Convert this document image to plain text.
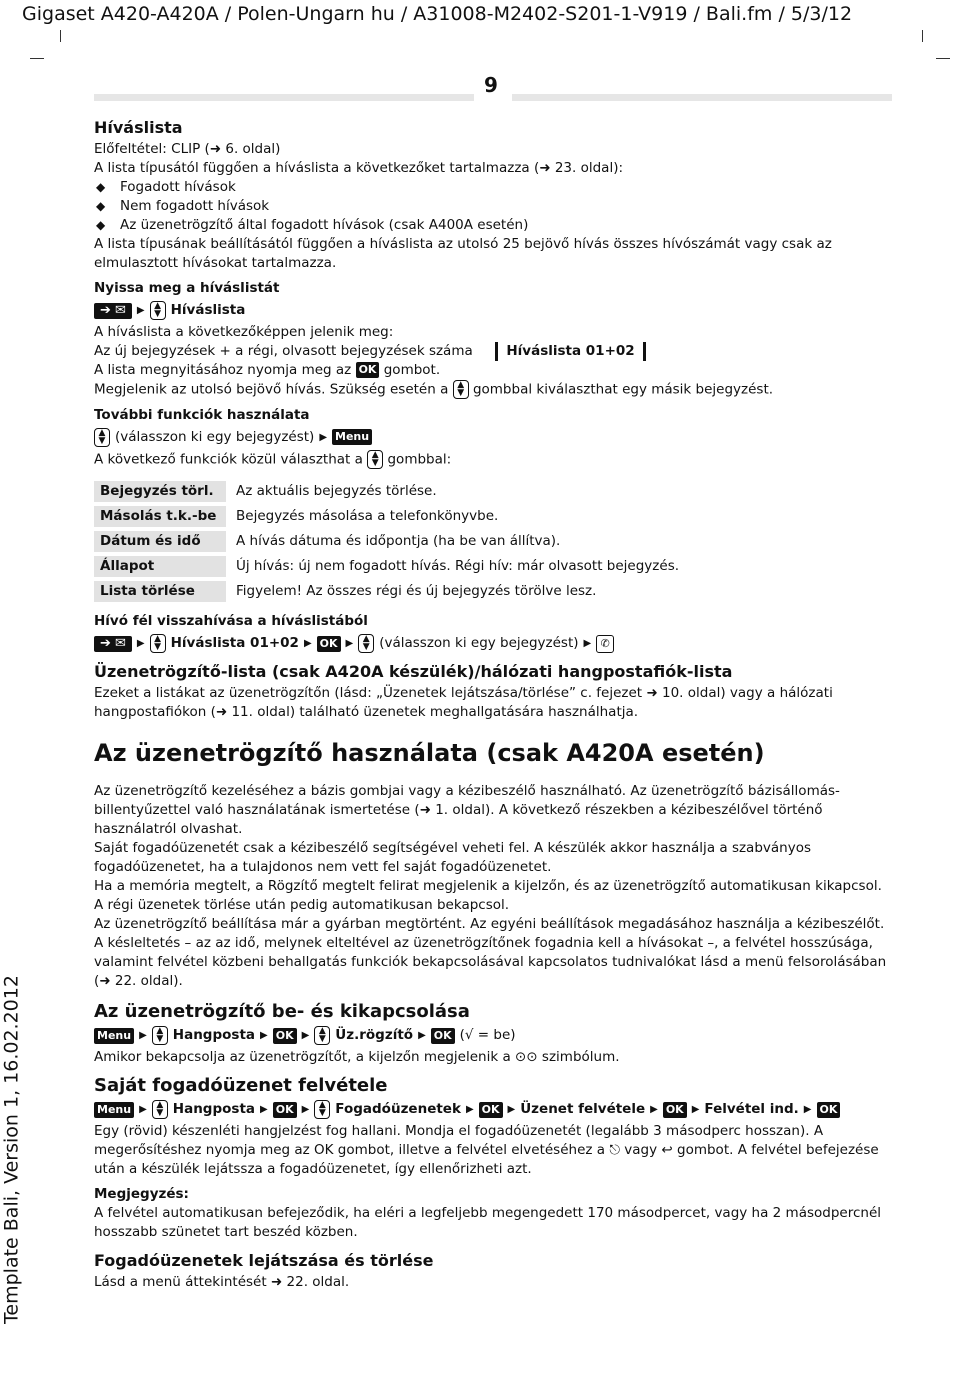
Gigaset A420-A420A / Polen-Ungarn hu / A31008-M2402-S201-1-V919 / Bali.fm / 5/3/12
9
Template Bali, Version 1, 16.02.2012
Híváslista

Előfeltétel: CLIP (➜ 6. oldal)

A lista típusától függően a híváslista a következőket tartalmazza (➜ 23. oldal):

◆ Fogadott hívások
◆ Nem fogadott hívások
◆ Az üzenetrögzítő által fogadott hívások (csak A400A esetén)

A lista típusának beállításától függően a híváslista az utolsó 25 bejövő hívás összes hívószámát vagy csak az elmulasztott hívásokat tartalmazza.

Nyissa meg a híváslistát

➔ ✉	▶	▲
▼ Híváslista

A híváslista a következőképpen jelenik meg:

Az új bejegyzések + a régi, olvasott bejegyzések száma Híváslista 01+02

A lista megnyitásához nyomja meg az OK gombot.

Megjelenik az utolsó bejövő hívás. Szükség esetén a ▲
▼ gombbal kiválaszthat egy másik bejegyzést.

További funkciók használata

▲
▼ (válasszon ki egy bejegyzést) ▶ Menu

A következő funkciók közül választhat a ▲
▼ gombbal:

Bejegyzés törl.	Az aktuális bejegyzés törlése.
Másolás t.k.-be	Bejegyzés másolása a telefonkönyvbe.
Dátum és idő	A hívás dátuma és időpontja (ha be van állítva).
Állapot	Új hívás: új nem fogadott hívás. Régi hív: már olvasott bejegyzés.
Lista törlése	Figyelem! Az összes régi és új bejegyzés törölve lesz.

Hívó fél visszahívása a híváslistából

➔ ✉	▶	▲
▼ Híváslista 01+02 ▶ OK ▶	▲
▼ (válasszon ki egy bejegyzést) ▶ ✆
Üzenetrögzítő-lista (csak A420A készülék)/hálózati hangpostafiók-lista

Ezeket a listákat az üzenetrögzítőn (lásd: „Üzenetek lejátszása/törlése” c. fejezet ➜ 10. oldal) vagy a hálózati hangpostafiókon (➜ 11. oldal) található üzenetek meghallgatására használhatja.

Az üzenetrögzítő használata (csak A420A esetén)

Az üzenetrögzítő kezeléséhez a bázis gombjai vagy a kézibeszélő használható. Az üzenetrögzítő bázisállomás-billentyűzettel való használatának ismertetése (➜ 1. oldal). A következő részekben a kézibeszélővel történő használatról olvashat.

Saját fogadóüzenetét csak a kézibeszélő segítségével veheti fel. A készülék akkor használja a szabványos fogadóüzenetet, ha a tulajdonos nem vett fel saját fogadóüzenetet.

Ha a memória megtelt, a Rögzítő megtelt felirat megjelenik a kijelzőn, és az üzenetrögzítő automatikusan kikapcsol. A régi üzenetek törlése után pedig automatikusan bekapcsol.

Az üzenetrögzítő beállítása már a gyárban megtörtént. Az egyéni beállítások megadásához használja a kézibeszélőt.

A késleltetés – az az idő, melynek elteltével az üzenetrögzítőnek fogadnia kell a hívásokat –, a felvétel hosszúsága, valamint felvétel közbeni behallgatás funkciók bekapcsolásával kapcsolatos tudnivalókat lásd a menü felsorolásában (➜ 22. oldal).

Az üzenetrögzítő be- és kikapcsolása
Menu ▶	▲
▼ Hangposta ▶ OK ▶	▲
▼ Üz.rögzítő ▶ OK (√ = be)

Amikor bekapcsolja az üzenetrögzítőt, a kijelzőn megjelenik a ⊙⊙ szimbólum.

Saját fogadóüzenet felvétele
Menu ▶	▲
▼ Hangposta ▶ OK ▶	▲
▼ Fogadóüzenetek ▶ OK ▶ Üzenet felvétele ▶ OK ▶ Felvétel ind. ▶ OK

Egy (rövid) készenléti hangjelzést fog hallani. Mondja el fogadóüzenetét (legalább 3 másodperc hosszan). A megerősítéshez nyomja meg az OK gombot, illetve a felvétel elvetéséhez a ⎋ vagy ↩ gombot. A felvétel befejezése után a készülék lejátssza a fogadóüzenetet, így ellenőrizheti azt.

Megjegyzés:

A felvétel automatikusan befejeződik, ha eléri a legfeljebb megengedett 170 másodpercet, vagy ha 2 másodpercnél hosszabb szünetet tart beszéd közben.

Fogadóüzenetek lejátszása és törlése

Lásd a menü áttekintését ➜ 22. oldal.
